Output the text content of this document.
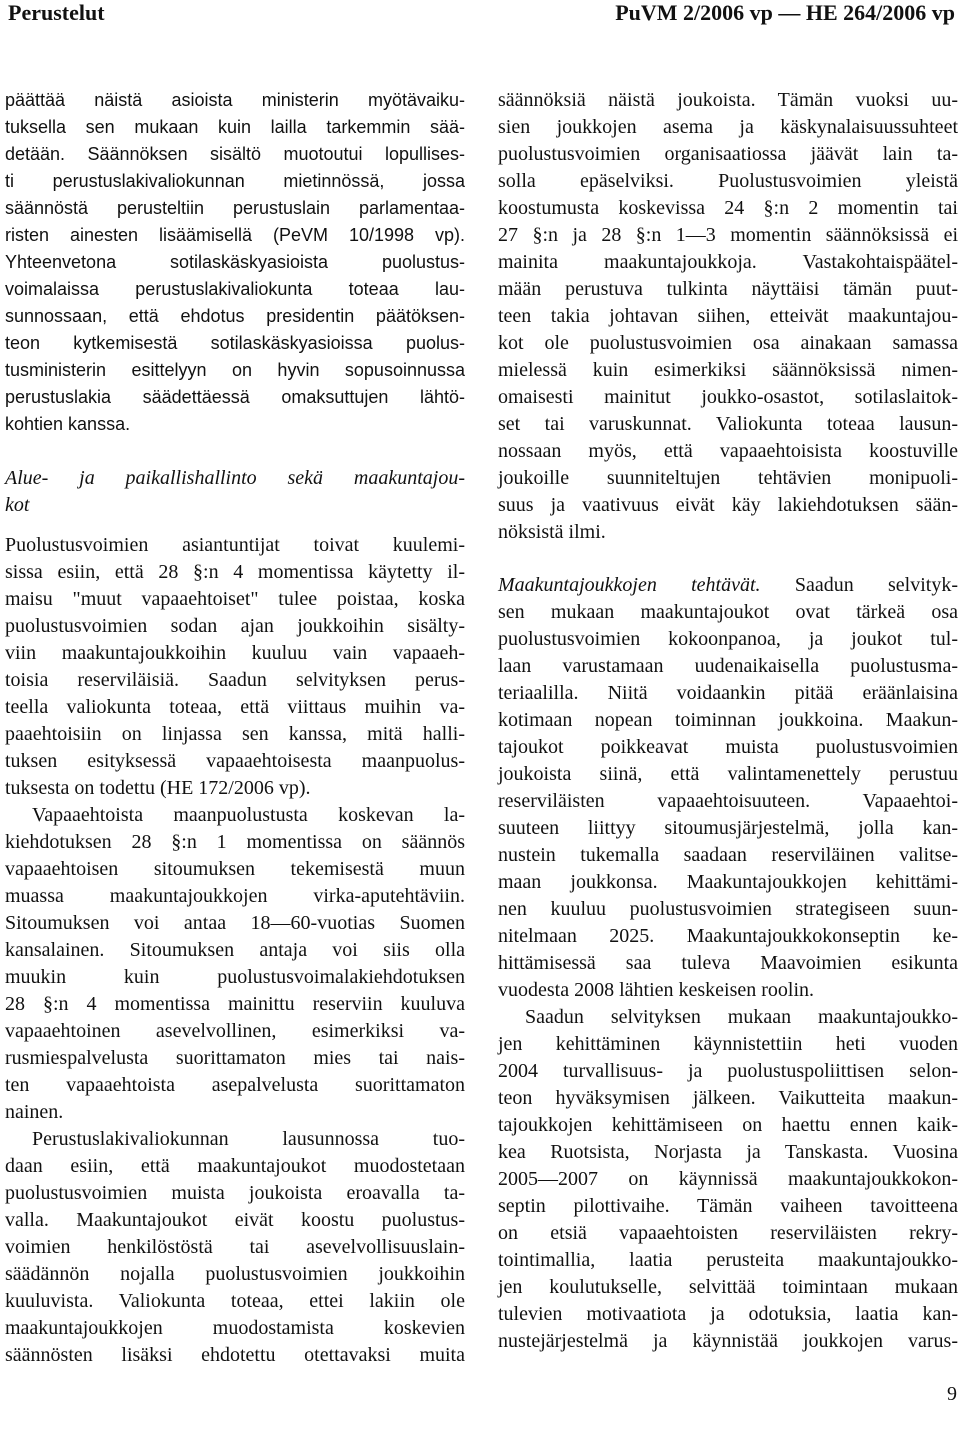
Perustelut	PuVM 2/2006 vp — HE 264/2006 vp
päättää näistä asioista ministerin myötävaiku-
tuksella sen mukaan kuin lailla tarkemmin sää-
detään. Säännöksen sisältö muotoutui lopullises-
ti perustuslakivaliokunnan mietinnössä, jossa
säännöstä perusteltiin perustuslain parlamentaa-
risten ainesten lisäämisellä (PeVM 10/1998 vp).
Yhteenvetona sotilaskäskyasioista puolustus-
voimalaissa perustuslakivaliokunta toteaa lau-
sunnossaan, että ehdotus presidentin päätöksen-
teon kytkemisestä sotilaskäskyasioissa puolus-
tusministerin esittelyyn on hyvin sopusoinnussa
perustuslakia säädettäessä omaksuttujen lähtö-
kohtien kanssa.
Alue- ja paikallishallinto sekä maakuntajou-
kot
Puolustusvoimien asiantuntijat toivat kuulemi-
sissa esiin, että 28 §:n 4 momentissa käytetty il-
maisu "muut vapaaehtoiset" tulee poistaa, koska
puolustusvoimien sodan ajan joukkoihin sisälty-
viin maakuntajoukkoihin kuuluu vain vapaaeh-
toisia reserviläisiä. Saadun selvityksen perus-
teella valiokunta toteaa, että viittaus muihin va-
paaehtoisiin on linjassa sen kanssa, mitä halli-
tuksen esityksessä vapaaehtoisesta maanpuolus-
tuksesta on todettu (HE 172/2006 vp).
Vapaaehtoista maanpuolustusta koskevan la-
kiehdotuksen 28 §:n 1 momentissa on säännös
vapaaehtoisen sitoumuksen tekemisestä muun
muassa maakuntajoukkojen virka-aputehtäviin.
Sitoumuksen voi antaa 18—60-vuotias Suomen
kansalainen. Sitoumuksen antaja voi siis olla
muukin kuin puolustusvoimalakiehdotuksen
28 §:n 4 momentissa mainittu reserviin kuuluva
vapaaehtoinen asevelvollinen, esimerkiksi va-
rusmiespalvelusta suorittamaton mies tai nais-
ten vapaaehtoista asepalvelusta suorittamaton
nainen.
Perustuslakivaliokunnan lausunnossa tuo-
daan esiin, että maakuntajoukot muodostetaan
puolustusvoimien muista joukoista eroavalla ta-
valla. Maakuntajoukot eivät koostu puolustus-
voimien henkilöstöstä tai asevelvollisuuslain-
säädännön nojalla puolustusvoimien joukkoihin
kuuluvista. Valiokunta toteaa, ettei lakiin ole
maakuntajoukkojen muodostamista koskevien
säännösten lisäksi ehdotettu otettavaksi muita
säännöksiä näistä joukoista. Tämän vuoksi uu-
sien joukkojen asema ja käskynalaisuussuhteet
puolustusvoimien organisaatiossa jäävät lain ta-
solla epäselviksi. Puolustusvoimien yleistä
koostumusta koskevissa 24 §:n 2 momentin tai
27 §:n ja 28 §:n 1—3 momentin säännöksissä ei
mainita maakuntajoukkoja. Vastakohtaispäätel-
mään perustuva tulkinta näyttäisi tämän puut-
teen takia johtavan siihen, etteivät maakuntajou-
kot ole puolustusvoimien osa ainakaan samassa
mielessä kuin esimerkiksi säännöksissä nimen-
omaisesti mainitut joukko-osastot, sotilaslaitok-
set tai varuskunnat. Valiokunta toteaa lausun-
nossaan myös, että vapaaehtoisista koostuville
joukoille suunniteltujen tehtävien monipuoli-
suus ja vaativuus eivät käy lakiehdotuksen sään-
nöksistä ilmi.
Maakuntajoukkojen tehtävät. Saadun selvityk-
sen mukaan maakuntajoukot ovat tärkeä osa
puolustusvoimien kokoonpanoa, ja joukot tul-
laan varustamaan uudenaikaisella puolustusma-
teriaalilla. Niitä voidaankin pitää eräänlaisina
kotimaan nopean toiminnan joukkoina. Maakun-
tajoukot poikkeavat muista puolustusvoimien
joukoista siinä, että valintamenettely perustuu
reserviläisten vapaaehtoisuuteen. Vapaaehtoi-
suuteen liittyy sitoumusjärjestelmä, jolla kan-
nustein tukemalla saadaan reserviläinen valitse-
maan joukkonsa. Maakuntajoukkojen kehittämi-
nen kuuluu puolustusvoimien strategiseen suun-
nitelmaan 2025. Maakuntajoukkokonseptin ke-
hittämisessä saa tuleva Maavoimien esikunta
vuodesta 2008 lähtien keskeisen roolin.
Saadun selvityksen mukaan maakuntajoukko-
jen kehittäminen käynnistettiin heti vuoden
2004 turvallisuus- ja puolustuspoliittisen selon-
teon hyväksymisen jälkeen. Vaikutteita maakun-
tajoukkojen kehittämiseen on haettu ennen kaik-
kea Ruotsista, Norjasta ja Tanskasta. Vuosina
2005—2007 on käynnissä maakuntajoukkokon-
septin pilottivaihe. Tämän vaiheen tavoitteena
on etsiä vapaaehtoisten reserviläisten rekry-
tointimallia, laatia perusteita maakuntajoukko-
jen koulutukselle, selvittää toimintaan mukaan
tulevien motivaatiota ja odotuksia, laatia kan-
nustejärjestelmä ja käynnistää joukkojen varus-
9
